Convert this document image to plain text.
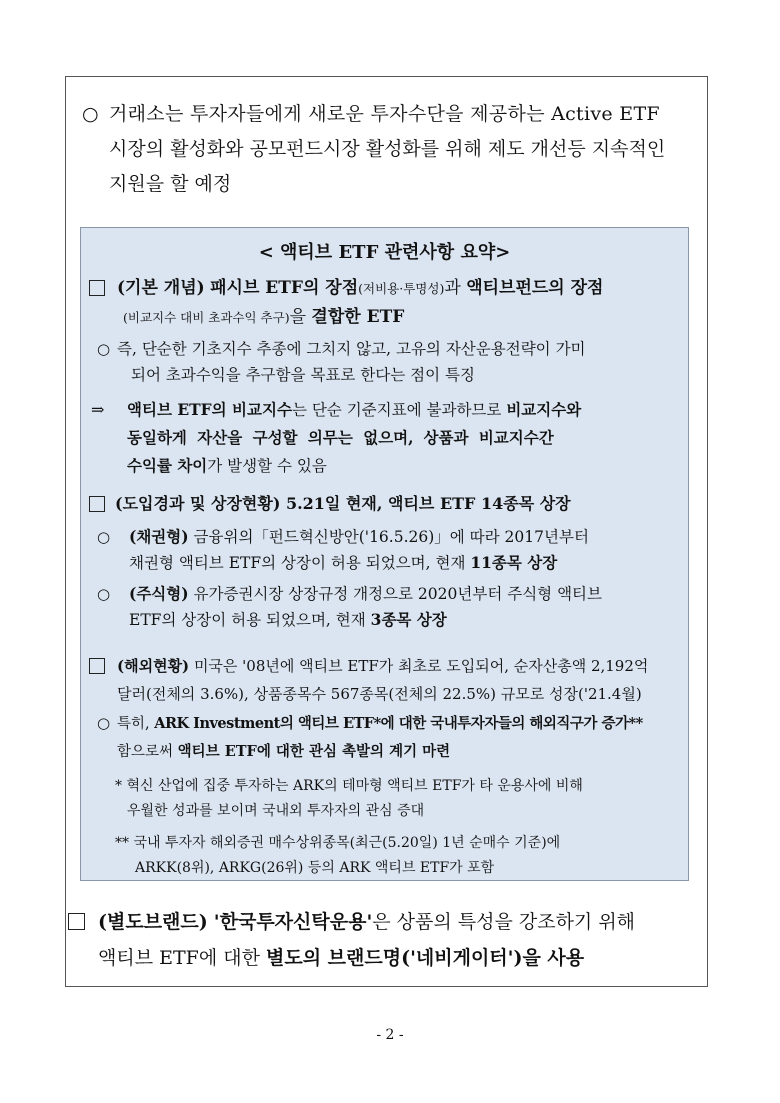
○ 거래소는 투자자들에게 새로운 투자수단을 제공하는 Active ETF
시장의 활성화와 공모펀드시장 활성화를 위해 제도 개선등 지속적인
지원을 할 예정
< 액티브 ETF 관련사항 요약>
(기본 개념) 패시브 ETF의 장점(저비용·투명성)과 액티브펀드의 장점
(비교지수 대비 초과수익 추구)을 결합한 ETF
○ 즉, 단순한 기초지수 추종에 그치지 않고, 고유의 자산운용전략이 가미
되어 초과수익을 추구함을 목표로 한다는 점이 특징
⇒ 액티브 ETF의 비교지수는 단순 기준지표에 불과하므로 비교지수와
동일하게 자산을 구성할 의무는 없으며, 상품과 비교지수간
수익률 차이가 발생할 수 있음
(도입경과 및 상장현황) 5.21일 현재, 액티브 ETF 14종목 상장
○ (채권형) 금융위의「펀드혁신방안('16.5.26)」에 따라 2017년부터
채권형 액티브 ETF의 상장이 허용 되었으며, 현재 11종목 상장
○ (주식형) 유가증권시장 상장규정 개정으로 2020년부터 주식형 액티브
ETF의 상장이 허용 되었으며, 현재 3종목 상장
(해외현황) 미국은 '08년에 액티브 ETF가 최초로 도입되어, 순자산총액 2,192억
달러(전체의 3.6%), 상품종목수 567종목(전체의 22.5%) 규모로 성장('21.4월)
○ 특히, ARK Investment의 액티브 ETF*에 대한 국내투자자들의 해외직구가 증가**
함으로써 액티브 ETF에 대한 관심 촉발의 계기 마련
* 혁신 산업에 집중 투자하는 ARK의 테마형 액티브 ETF가 타 운용사에 비해
우월한 성과를 보이며 국내외 투자자의 관심 증대
** 국내 투자자 해외증권 매수상위종목(최근(5.20일) 1년 순매수 기준)에
ARKK(8위), ARKG(26위) 등의 ARK 액티브 ETF가 포함
(별도브랜드) '한국투자신탁운용'은 상품의 특성을 강조하기 위해
액티브 ETF에 대한 별도의 브랜드명('네비게이터')을 사용
- 2 -
